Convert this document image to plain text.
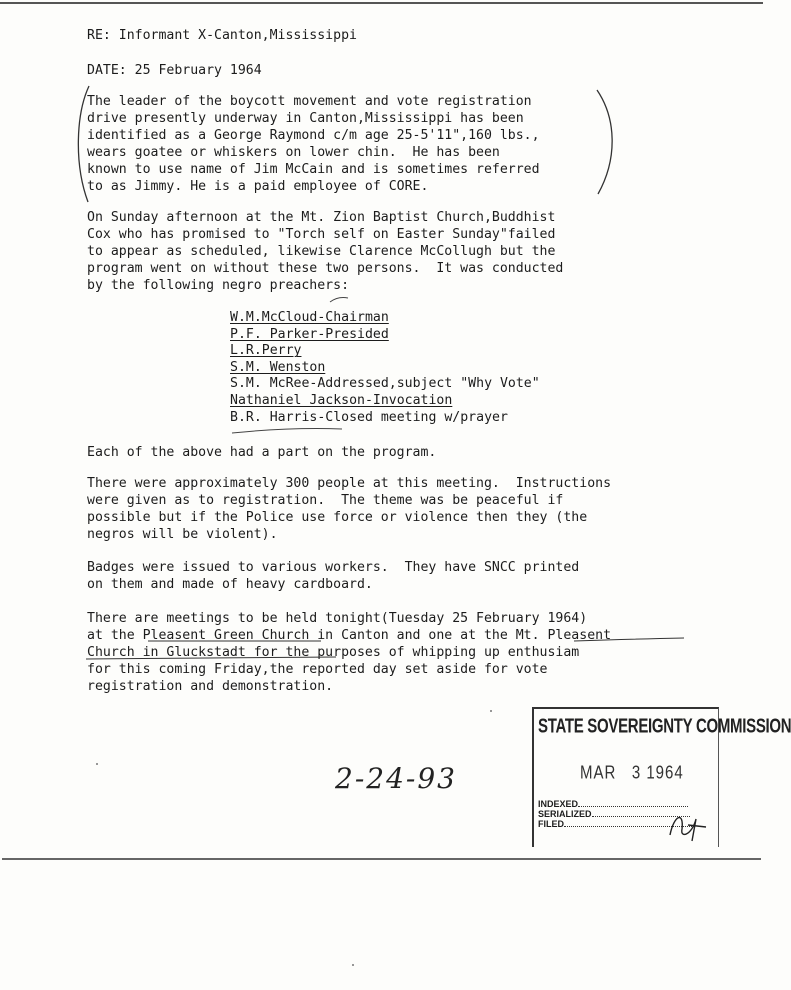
RE: Informant X-Canton,Mississippi
DATE: 25 February 1964
The leader of the boycott movement and vote registration
drive presently underway in Canton,Mississippi has been
identified as a George Raymond c/m age 25-5'11",160 lbs.,
wears goatee or whiskers on lower chin.  He has been
known to use name of Jim McCain and is sometimes referred
to as Jimmy. He is a paid employee of CORE.
On Sunday afternoon at the Mt. Zion Baptist Church,Buddhist
Cox who has promised to "Torch self on Easter Sunday"failed
to appear as scheduled, likewise Clarence McCollugh but the
program went on without these two persons.  It was conducted
by the following negro preachers:
W.M.McCloud-Chairman
P.F. Parker-Presided
L.R.Perry
S.M. Wenston
S.M. McRee-Addressed,subject "Why Vote"
Nathaniel Jackson-Invocation
B.R. Harris-Closed meeting w/prayer
Each of the above had a part on the program.
There were approximately 300 people at this meeting.  Instructions
were given as to registration.  The theme was be peaceful if
possible but if the Police use force or violence then they (the
negros will be violent).
Badges were issued to various workers.  They have SNCC printed
on them and made of heavy cardboard.
There are meetings to be held tonight(Tuesday 25 February 1964)
at the Pleasent Green Church in Canton and one at the Mt. Pleasent
Church in Gluckstadt for the purposes of whipping up enthusiam
for this coming Friday,the reported day set aside for vote
registration and demonstration.
2-24-93
STATE SOVEREIGNTY COMMISSION
MAR   3 1964
INDEXED
SERIALIZED
FILED
